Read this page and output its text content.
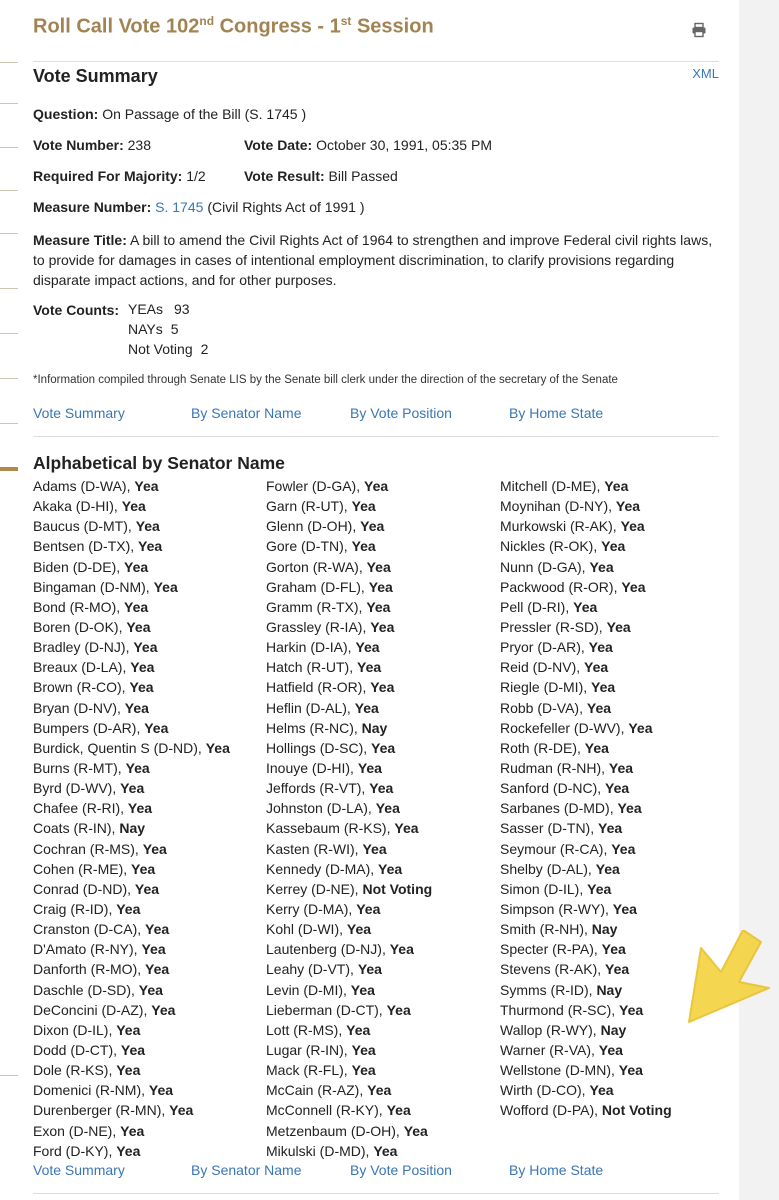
Roll Call Vote 102nd Congress - 1st Session
Vote Summary	XML
Question: On Passage of the Bill (S. 1745 )
Vote Number: 238	Vote Date: October 30, 1991, 05:35 PM
Required For Majority: 1/2	Vote Result: Bill Passed
Measure Number: S. 1745 (Civil Rights Act of 1991 )
Measure Title: A bill to amend the Civil Rights Act of 1964 to strengthen and improve Federal civil rights laws, to provide for damages in cases of intentional employment discrimination, to clarify provisions regarding disparate impact actions, and for other purposes.
Vote Counts: YEAs 93
NAYs 5
Not Voting 2
*Information compiled through Senate LIS by the Senate bill clerk under the direction of the secretary of the Senate
Vote Summary	By Senator Name	By Vote Position	By Home State
Alphabetical by Senator Name
Adams (D-WA), Yea
Akaka (D-HI), Yea
Baucus (D-MT), Yea
Bentsen (D-TX), Yea
Biden (D-DE), Yea
Bingaman (D-NM), Yea
Bond (R-MO), Yea
Boren (D-OK), Yea
Bradley (D-NJ), Yea
Breaux (D-LA), Yea
Brown (R-CO), Yea
Bryan (D-NV), Yea
Bumpers (D-AR), Yea
Burdick, Quentin S (D-ND), Yea
Burns (R-MT), Yea
Byrd (D-WV), Yea
Chafee (R-RI), Yea
Coats (R-IN), Nay
Cochran (R-MS), Yea
Cohen (R-ME), Yea
Conrad (D-ND), Yea
Craig (R-ID), Yea
Cranston (D-CA), Yea
D'Amato (R-NY), Yea
Danforth (R-MO), Yea
Daschle (D-SD), Yea
DeConcini (D-AZ), Yea
Dixon (D-IL), Yea
Dodd (D-CT), Yea
Dole (R-KS), Yea
Domenici (R-NM), Yea
Durenberger (R-MN), Yea
Exon (D-NE), Yea
Ford (D-KY), Yea
Fowler (D-GA), Yea
Garn (R-UT), Yea
Glenn (D-OH), Yea
Gore (D-TN), Yea
Gorton (R-WA), Yea
Graham (D-FL), Yea
Gramm (R-TX), Yea
Grassley (R-IA), Yea
Harkin (D-IA), Yea
Hatch (R-UT), Yea
Hatfield (R-OR), Yea
Heflin (D-AL), Yea
Helms (R-NC), Nay
Hollings (D-SC), Yea
Inouye (D-HI), Yea
Jeffords (R-VT), Yea
Johnston (D-LA), Yea
Kassebaum (R-KS), Yea
Kasten (R-WI), Yea
Kennedy (D-MA), Yea
Kerrey (D-NE), Not Voting
Kerry (D-MA), Yea
Kohl (D-WI), Yea
Lautenberg (D-NJ), Yea
Leahy (D-VT), Yea
Levin (D-MI), Yea
Lieberman (D-CT), Yea
Lott (R-MS), Yea
Lugar (R-IN), Yea
Mack (R-FL), Yea
McCain (R-AZ), Yea
McConnell (R-KY), Yea
Metzenbaum (D-OH), Yea
Mikulski (D-MD), Yea
Mitchell (D-ME), Yea
Moynihan (D-NY), Yea
Murkowski (R-AK), Yea
Nickles (R-OK), Yea
Nunn (D-GA), Yea
Packwood (R-OR), Yea
Pell (D-RI), Yea
Pressler (R-SD), Yea
Pryor (D-AR), Yea
Reid (D-NV), Yea
Riegle (D-MI), Yea
Robb (D-VA), Yea
Rockefeller (D-WV), Yea
Roth (R-DE), Yea
Rudman (R-NH), Yea
Sanford (D-NC), Yea
Sarbanes (D-MD), Yea
Sasser (D-TN), Yea
Seymour (R-CA), Yea
Shelby (D-AL), Yea
Simon (D-IL), Yea
Simpson (R-WY), Yea
Smith (R-NH), Nay
Specter (R-PA), Yea
Stevens (R-AK), Yea
Symms (R-ID), Nay
Thurmond (R-SC), Yea
Wallop (R-WY), Nay
Warner (R-VA), Yea
Wellstone (D-MN), Yea
Wirth (D-CO), Yea
Wofford (D-PA), Not Voting
Vote Summary	By Senator Name	By Vote Position	By Home State
